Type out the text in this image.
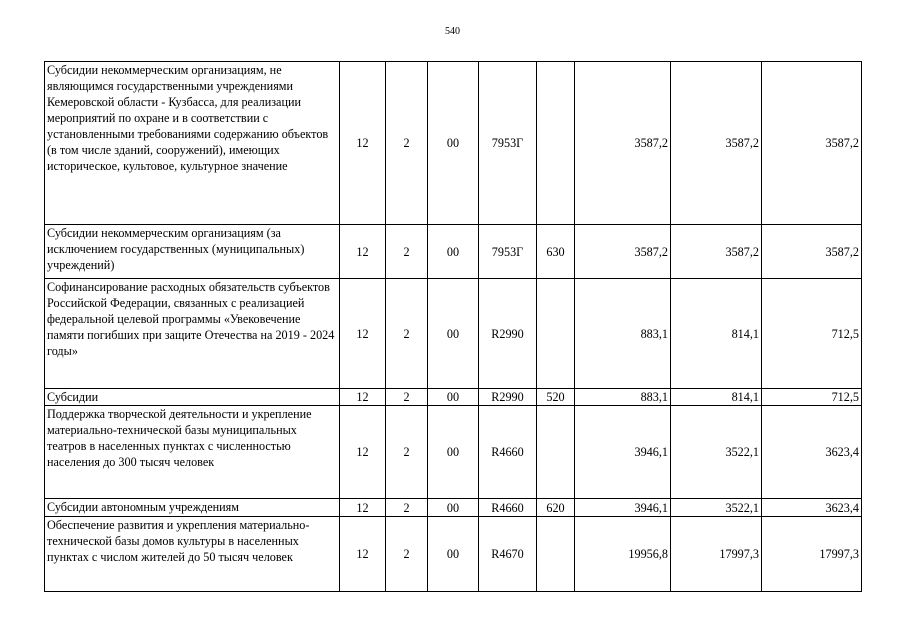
540
Субсидии некоммерческим организациям, не являющимся государственными учреждениями Кемеровской области - Кузбасса, для реализации мероприятий по охране и в соответствии с установленными требованиями содержанию объектов (в том числе зданий, сооружений), имеющих историческое, культовое, культурное значение	12	2	00	7953Г		3587,2	3587,2	3587,2
Субсидии некоммерческим организациям (за исключением государственных (муниципальных) учреждений)	12	2	00	7953Г	630	3587,2	3587,2	3587,2
Софинансирование расходных обязательств субъектов Российской Федерации, связанных с реализацией федеральной целевой программы «Увековечение памяти погибших при защите Отечества на 2019 - 2024 годы»	12	2	00	R2990		883,1	814,1	712,5
Субсидии	12	2	00	R2990	520	883,1	814,1	712,5
Поддержка творческой деятельности и укрепление материально-технической базы муниципальных театров в населенных пунктах с численностью населения до 300 тысяч человек	12	2	00	R4660		3946,1	3522,1	3623,4
Субсидии автономным учреждениям	12	2	00	R4660	620	3946,1	3522,1	3623,4
Обеспечение развития и укрепления материально-технической базы домов культуры в населенных пунктах с числом жителей до 50 тысяч человек	12	2	00	R4670		19956,8	17997,3	17997,3
